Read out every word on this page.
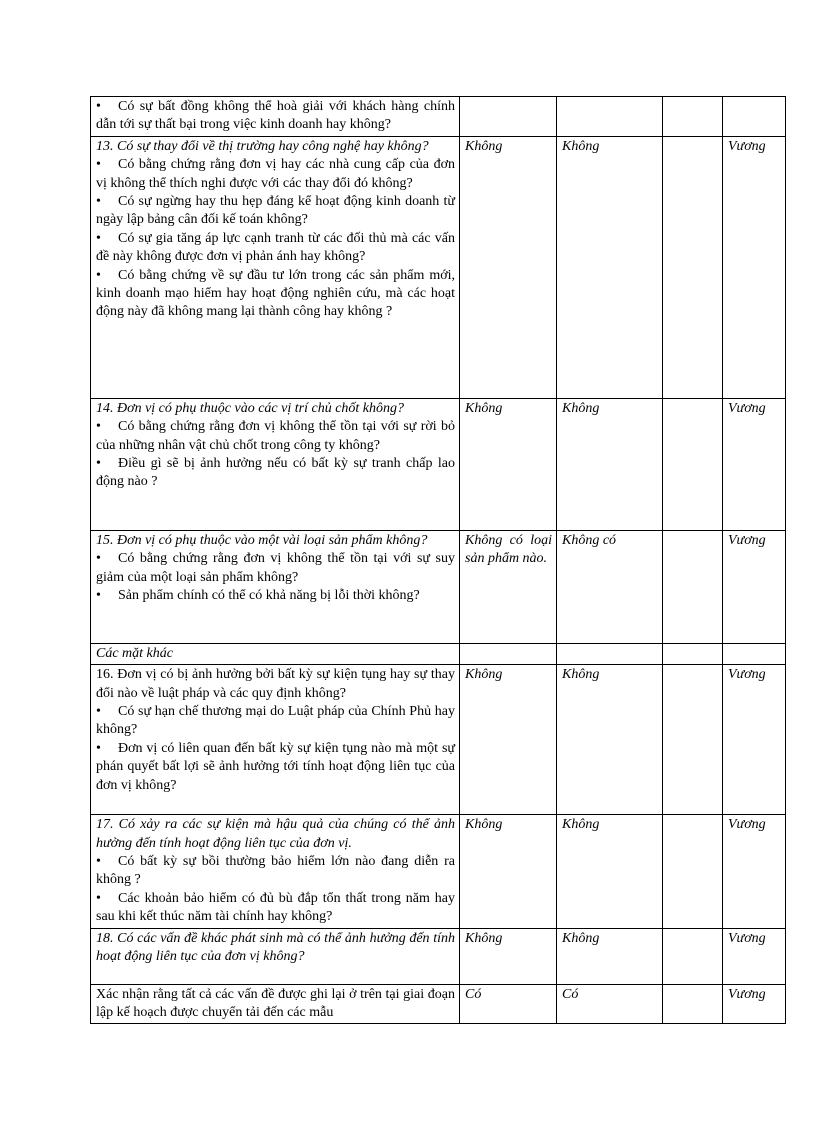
• Có sự bất đồng không thể hoà giải với khách hàng chính dẫn tới sự thất bại trong việc kinh doanh hay không?				

13. Có sự thay đổi về thị trường hay công nghệ hay không?
• Có bằng chứng rằng đơn vị hay các nhà cung cấp của đơn vị không thể thích nghi được với các thay đổi đó không?
• Có sự ngừng hay thu hẹp đáng kể hoạt động kinh doanh từ ngày lập bảng cân đối kế toán không?
• Có sự gia tăng áp lực cạnh tranh từ các đối thủ mà các vấn đề này không được đơn vị phản ánh hay không?
• Có bằng chứng về sự đầu tư lớn trong các sản phẩm mới, kinh doanh mạo hiểm hay hoạt động nghiên cứu, mà các hoạt động này đã không mang lại thành công hay không ?	Không	Không		Vương

14. Đơn vị có phụ thuộc vào các vị trí chủ chốt không?
• Có bằng chứng rằng đơn vị không thể tồn tại với sự rời bỏ của những nhân vật chủ chốt trong công ty không?
• Điều gì sẽ bị ảnh hưởng nếu có bất kỳ sự tranh chấp lao động nào ?	Không	Không		Vương

15. Đơn vị có phụ thuộc vào một vài loại sản phẩm không?
• Có bằng chứng rằng đơn vị không thể tồn tại với sự suy giảm của một loại sản phẩm không?
• Sản phẩm chính có thể có khả năng bị lỗi thời không?	Không có loại sản phẩm nào.	Không có		Vương
Các mặt khác				

16. Đơn vị có bị ảnh hưởng bởi bất kỳ sự kiện tụng hay sự thay đổi nào về luật pháp và các quy định không?
• Có sự hạn chế thương mại do Luật pháp của Chính Phủ hay không?
• Đơn vị có liên quan đến bất kỳ sự kiện tụng nào mà một sự phán quyết bất lợi sẽ ảnh hưởng tới tính hoạt động liên tục của đơn vị không?	Không	Không		Vương

17. Có xảy ra các sự kiện mà hậu quả của chúng có thể ảnh hưởng đến tính hoạt động liên tục của đơn vị.
• Có bất kỳ sự bồi thường bảo hiểm lớn nào đang diễn ra không ?
• Các khoản bảo hiểm có đủ bù đắp tổn thất trong năm hay sau khi kết thúc năm tài chính hay không?	Không	Không		Vương

18. Có các vấn đề khác phát sinh mà có thể ảnh hưởng đến tính hoạt động liên tục của đơn vị không?	Không	Không		Vương

Xác nhận rằng tất cả các vấn đề được ghi lại ở trên tại giai đoạn lập kế hoạch được chuyển tải đến các mẫu	Có	Có		Vương
